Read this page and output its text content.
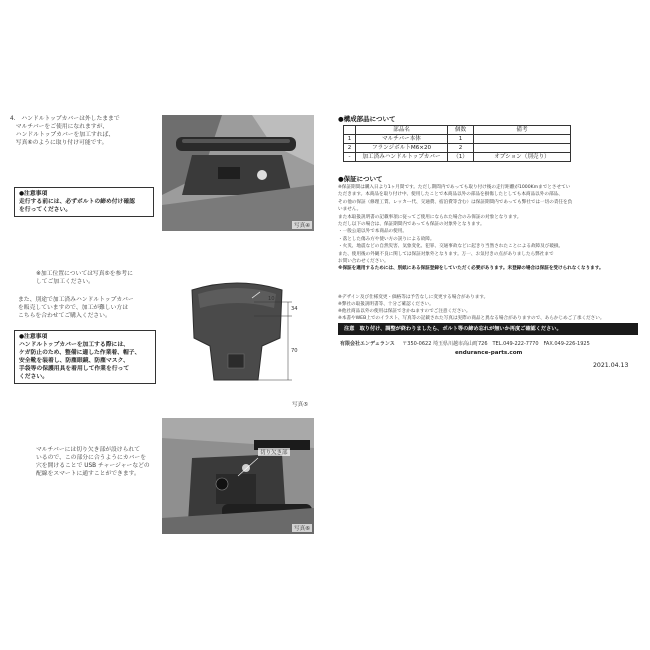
4.　ハンドルトップカバーは外したままで
　マルチバーをご使用になれますが、
　ハンドルトップカバーを加工すれば、
　写真⑥のように取り付け可能です。
●注意事項
走行する前には、必ずボルトの締め付け確認
を行ってください。
写真④
※加工位置については写真⑤を参考に
してご加工ください。
また、別途で加工済みハンドルトップカバー
を販売していますので、加工が難しい方は
こちらを合わせてご購入ください。
●注意事項
ハンドルトップカバーを加工する際には、
ケガ防止のため、整備に適した作業着、帽子、
安全靴を装着し、防塵眼鏡、防塵マスク、
手袋等の保護用具を着用して作業を行って
ください。
10
34
70
写真⑤
マルチバーには切り欠き部が設けられて
いるので、この部分に合うようにカバーを
穴を開けることで USB チャージャーなどの
配線をスマートに通すことができます。
切り欠き部
写真⑥
●構成部品について
	部品名	個数	備考
1	マルチバー本体	1	
2	フランジボルトM6×20	2	
-	加工済みハンドルトップカバー	（1）	オプション（別売り）
●保証について
※保証期間は購入日より1ヶ月間です。ただし期間内であっても取り付け後の走行距離が1000Kmまでとさせてい
ただきます。本商品を取り付け中、使用したことで本商品以外の部品を損傷したとしても本商品以外の部品、
その他の保証（修理工賃、レッカー代、交通費、宿泊費等含む）は保証期間内であっても弊社では一切の責任を負
いません。
また本取扱説明書の記載事項に従ってご使用になられた場合のみ保証の対象となります。
ただし以下の場合は、保証期間内であっても保証の対象外となります。
・一般公道以外で本商品の使用。
・落とした傷み方や使い方の誤りによる故障。
・火災、地震などの自然災害、気象変化、犯罪、交通事故などに起きり当然されたことによる故障及び破損。
また、使用後の外観不良に関しては保証対象外となります。万一、お気付きの点がありましたら弊社まで
お問い合わせください。
※保証を適用するためには、別紙にある保証登録をしていただく必要があります。未登録の場合は保証を受けられなくなります。
※デザイン及び仕様変更・価格等は予告なしに変更する場合があります。
※弊社の取扱説明書等、十分ご確認ください。
※他社商品以外の使用は保証できかねますのでご注意ください。
※本書やWEB上でのイラスト、写真等の記載された写真は実際の商品と異なる場合がありますので、あらかじめご了承ください。
注意　取り付け、調整が終わりましたら、ボルト等の締め忘れが無いか再度ご確認ください。
有限会社エンデュランス 〒350-0622 埼玉県川越市高山町726　TEL.049-222-7770　FAX.049-226-1925
endurance-parts.com
2021.04.13
